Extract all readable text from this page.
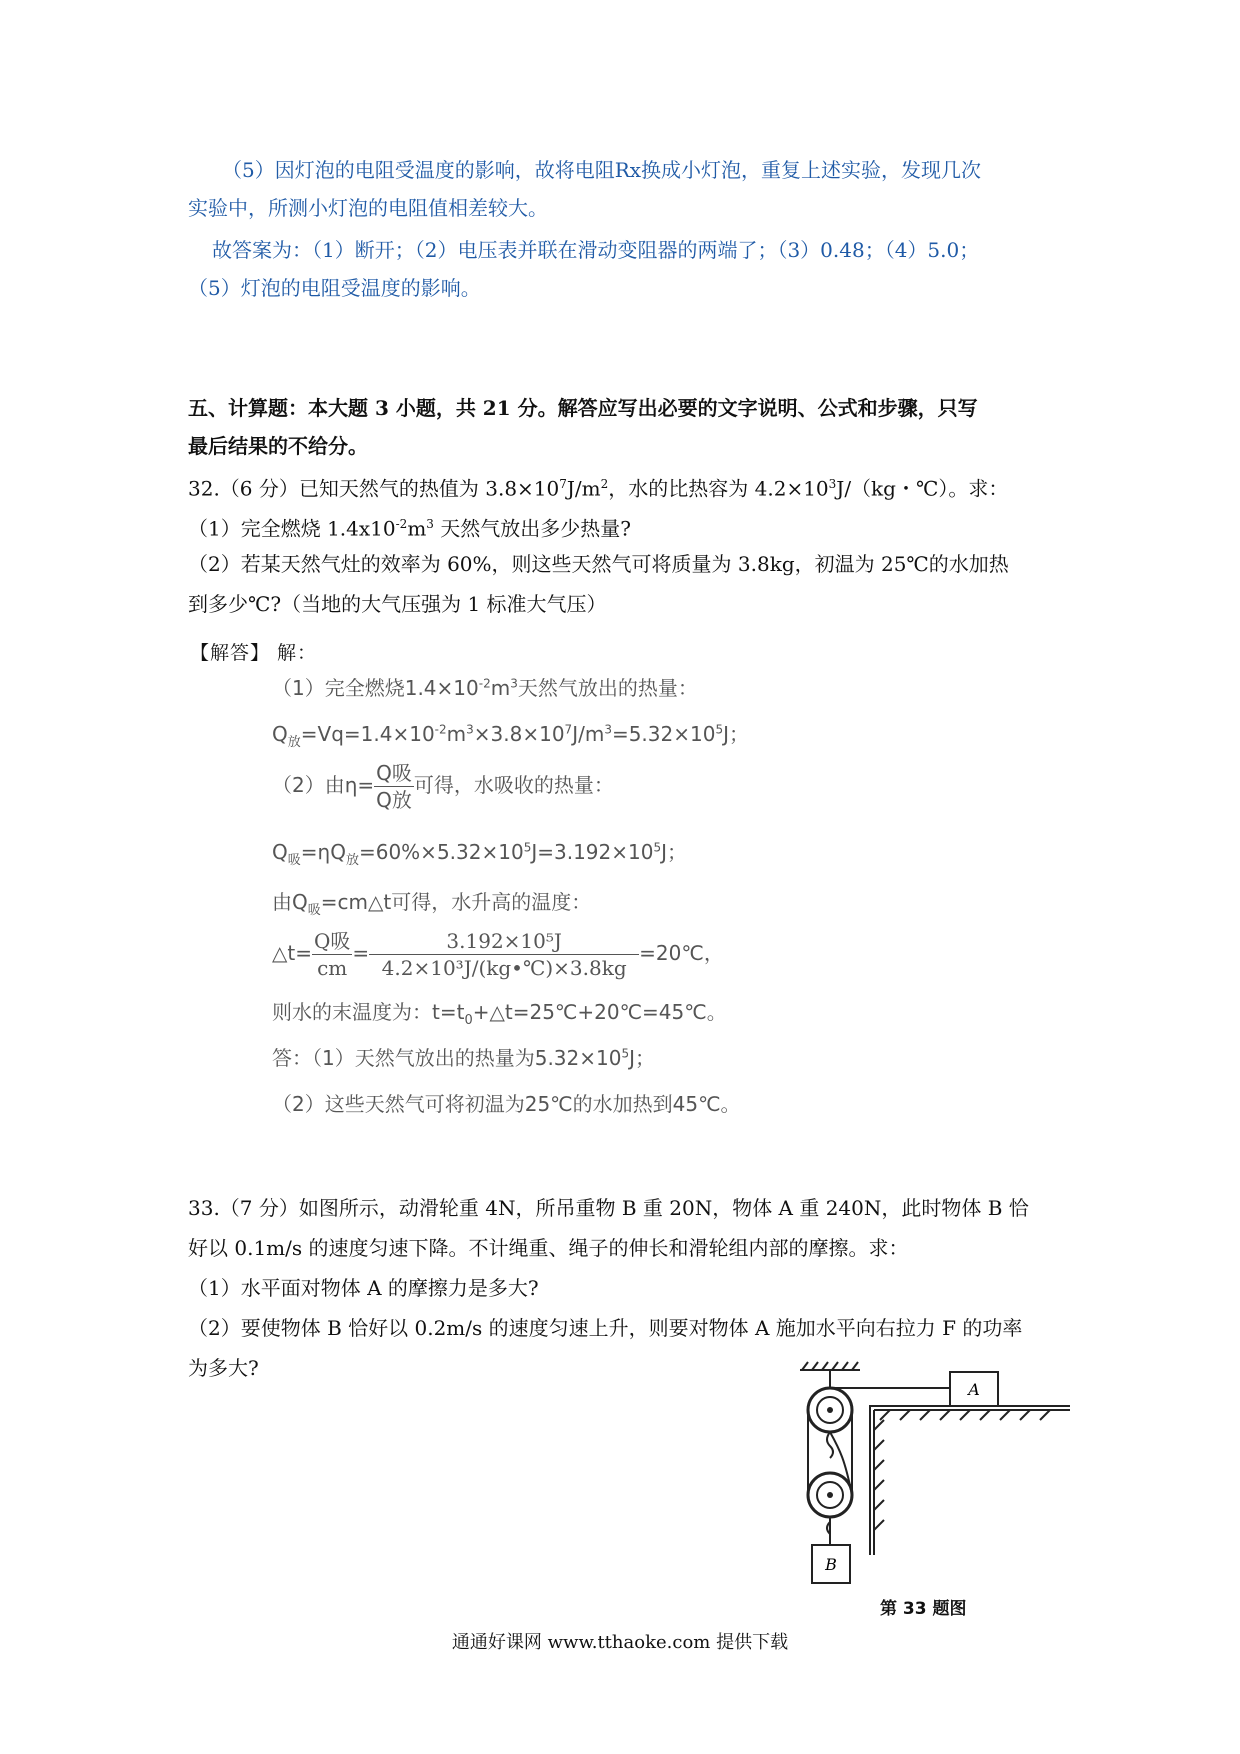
（5）因灯泡的电阻受温度的影响，故将电阻Rx换成小灯泡，重复上述实验，发现几次
实验中，所测小灯泡的电阻值相差较大。
故答案为：（1）断开；（2）电压表并联在滑动变阻器的两端了；（3）0.48；（4）5.0；
（5）灯泡的电阻受温度的影响。
五、计算题：本大题 3 小题，共 21 分。解答应写出必要的文字说明、公式和步骤，只写
最后结果的不给分。
32.（6 分）已知天然气的热值为 $3.8\times 10^7J/m^2$，水的比热容为 $4.2\times 10^3J/(kg$・℃）。求：
（1）完全燃烧 $1.4x10^{-2}m^3$ 天然气放出多少热量?
（2）若某天然气灶的效率为 60%，则这些天然气可将质量为 3.8kg，初温为 25℃的水加热
到多少℃?（当地的大气压强为 1 标准大气压）
【解答】 解：
（1）完全燃烧$1.4\times 10^{-2}m^3$天然气放出的热量：
$Q_放=Vq=1.4\times 10^{-2}m^3\times 3.8\times 10^7J/m^3=5.32\times 10^5J$；
（2）由$\eta= \frac{\text{Q吸}}{\text{Q放}}$ 可得，水吸收的热量：
$Q_吸=\eta Q_放=60\%\times 5.32\times 10^5J=3.192\times 10^5J$；
由$Q_吸=cm\triangle t$可得，水升高的温度：
△t= $\frac{\text{Q吸}}{cm} = \frac{\text{3.192×10⁵J}}{\text{4.2×10³J/(kg•℃)×3.8kg}}$ =20℃，
则水的末温度为：$t=t_0+\triangle t=25℃+20℃=45℃$。
答：（1）天然气放出的热量为$5.32\times 10^5J$；
（2）这些天然气可将初温为25℃的水加热到45℃。
33.（7 分）如图所示，动滑轮重 4N，所吊重物 B 重 20N，物体 A 重 240N，此时物体 B 恰
好以 0.1m/s 的速度匀速下降。不计绳重、绳子的伸长和滑轮组内部的摩擦。求：
（1）水平面对物体 A 的摩擦力是多大?
（2）要使物体 B 恰好以 0.2m/s 的速度匀速上升，则要对物体 A 施加水平向右拉力 F 的功率
为多大?
A
B
第 33 题图
通通好课网 www.tthaoke.com 提供下载
